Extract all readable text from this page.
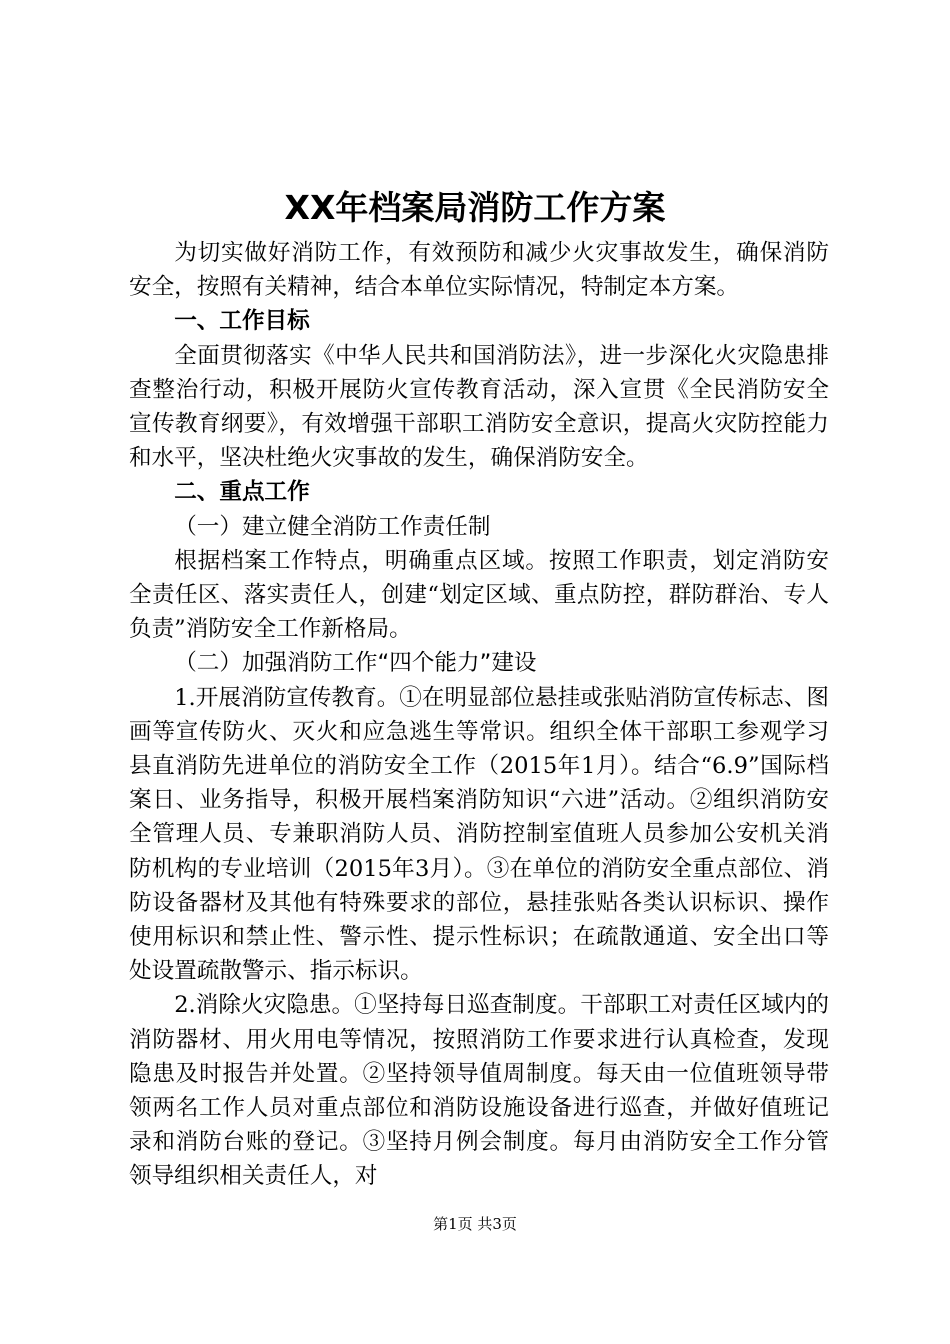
XX年档案局消防工作方案

为切实做好消防工作，有效预防和减少火灾事故发生，确保消防安全，按照有关精神，结合本单位实际情况，特制定本方案。

一、工作目标

全面贯彻落实《中华人民共和国消防法》，进一步深化火灾隐患排查整治行动，积极开展防火宣传教育活动，深入宣贯《全民消防安全宣传教育纲要》，有效增强干部职工消防安全意识，提高火灾防控能力和水平，坚决杜绝火灾事故的发生，确保消防安全。

二、重点工作

（一）建立健全消防工作责任制

根据档案工作特点，明确重点区域。按照工作职责，划定消防安全责任区、落实责任人，创建“划定区域、重点防控，群防群治、专人负责”消防安全工作新格局。

（二）加强消防工作“四个能力”建设

1.开展消防宣传教育。①在明显部位悬挂或张贴消防宣传标志、图画等宣传防火、灭火和应急逃生等常识。组织全体干部职工参观学习县直消防先进单位的消防安全工作（2015年1月）。结合“6.9”国际档案日、业务指导，积极开展档案消防知识“六进”活动。②组织消防安全管理人员、专兼职消防人员、消防控制室值班人员参加公安机关消防机构的专业培训（2015年3月）。③在单位的消防安全重点部位、消防设备器材及其他有特殊要求的部位，悬挂张贴各类认识标识、操作使用标识和禁止性、警示性、提示性标识；在疏散通道、安全出口等处设置疏散警示、指示标识。

2.消除火灾隐患。①坚持每日巡查制度。干部职工对责任区域内的消防器材、用火用电等情况，按照消防工作要求进行认真检查，发现隐患及时报告并处置。②坚持领导值周制度。每天由一位值班领导带领两名工作人员对重点部位和消防设施设备进行巡查，并做好值班记录和消防台账的登记。③坚持月例会制度。每月由消防安全工作分管领导组织相关责任人，对

第1页 共3页
